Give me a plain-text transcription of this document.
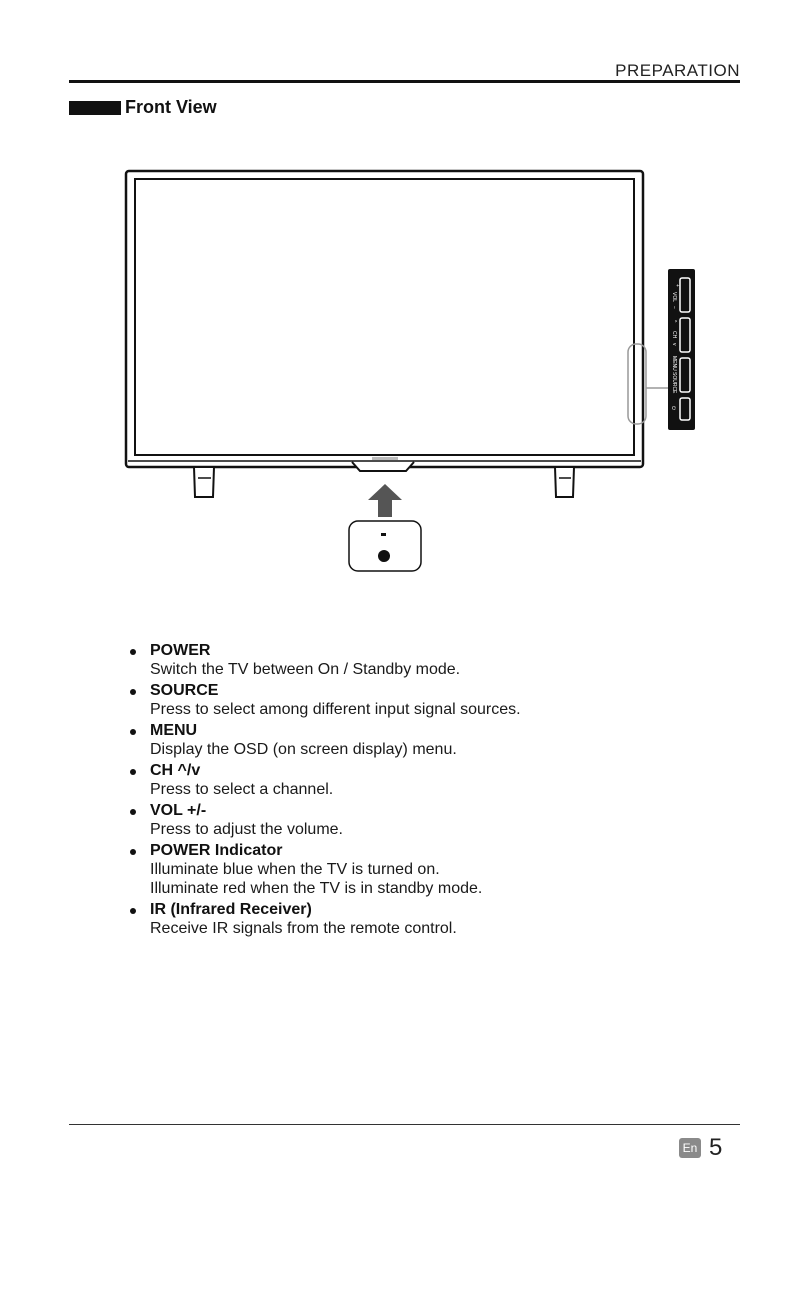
PREPARATION
Front View
+
VOL
−
^
CH
v
MENU
SOURCE
⏻
POWER
Switch the TV between On / Standby mode.
SOURCE
Press to select among different input signal sources.
MENU
Display the OSD (on screen display) menu.
CH ^/v
Press to select a channel.
VOL +/-
Press to adjust the volume.
POWER Indicator
Illuminate blue when the TV is turned on.
Illuminate red when the TV is in standby mode.
IR (Infrared Receiver)
Receive IR signals from the remote control.
En 5
